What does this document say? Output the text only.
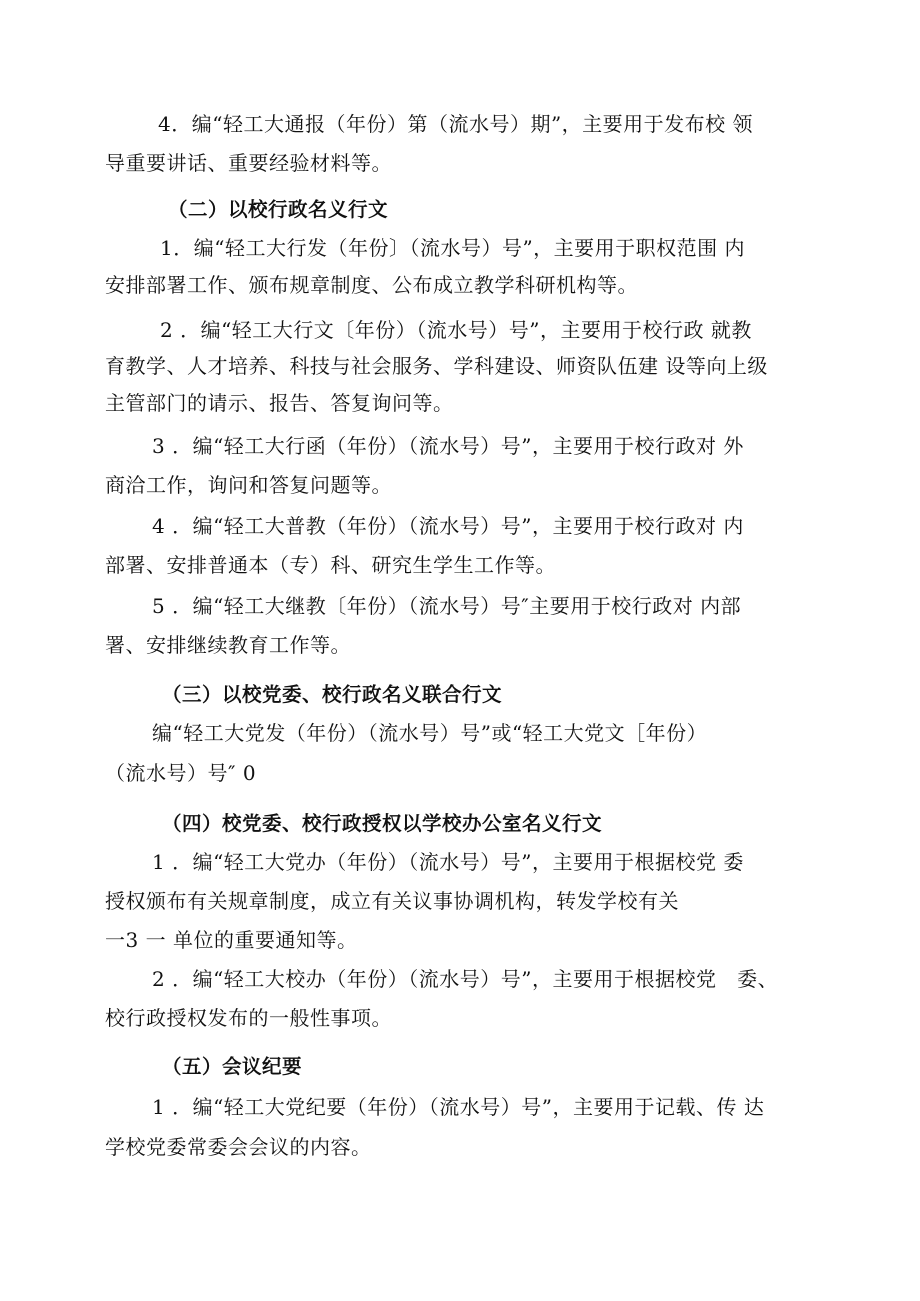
4．编“轻工大通报（年份）第（流水号）期”，主要用于发布校 领
导重要讲话、重要经验材料等。
（二）以校行政名义行文
1．编“轻工大行发（年份〕（流水号）号”，主要用于职权范围 内
安排部署工作、颁布规章制度、公布成立教学科研机构等。
2 ．编“轻工大行文〔年份）（流水号）号”，主要用于校行政 就教
育教学、人才培养、科技与社会服务、学科建设、师资队伍建 设等向上级
主管部门的请示、报告、答复询问等。
3 ．编“轻工大行函（年份）（流水号）号”，主要用于校行政对 外
商洽工作，询问和答复问题等。
4 ．编“轻工大普教（年份）（流水号）号”，主要用于校行政对 内
部署、安排普通本（专）科、研究生学生工作等。
5 ．编“轻工大继教〔年份）（流水号）号″主要用于校行政对 内部
署、安排继续教育工作等。
（三）以校党委、校行政名义联合行文
编“轻工大党发（年份）（流水号）号”或“轻工大党文［年份）
（流水号）号″ 0
（四）校党委、校行政授权以学校办公室名义行文
1 ．编“轻工大党办（年份）（流水号）号”，主要用于根据校党 委
授权颁布有关规章制度，成立有关议事协调机构，转发学校有关
一3 一 单位的重要通知等。
2 ．编“轻工大校办（年份）（流水号）号”，主要用于根据校党   委、
校行政授权发布的一般性事项。
（五）会议纪要
1 ．编“轻工大党纪要（年份）（流水号）号”，主要用于记载、传 达
学校党委常委会会议的内容。
